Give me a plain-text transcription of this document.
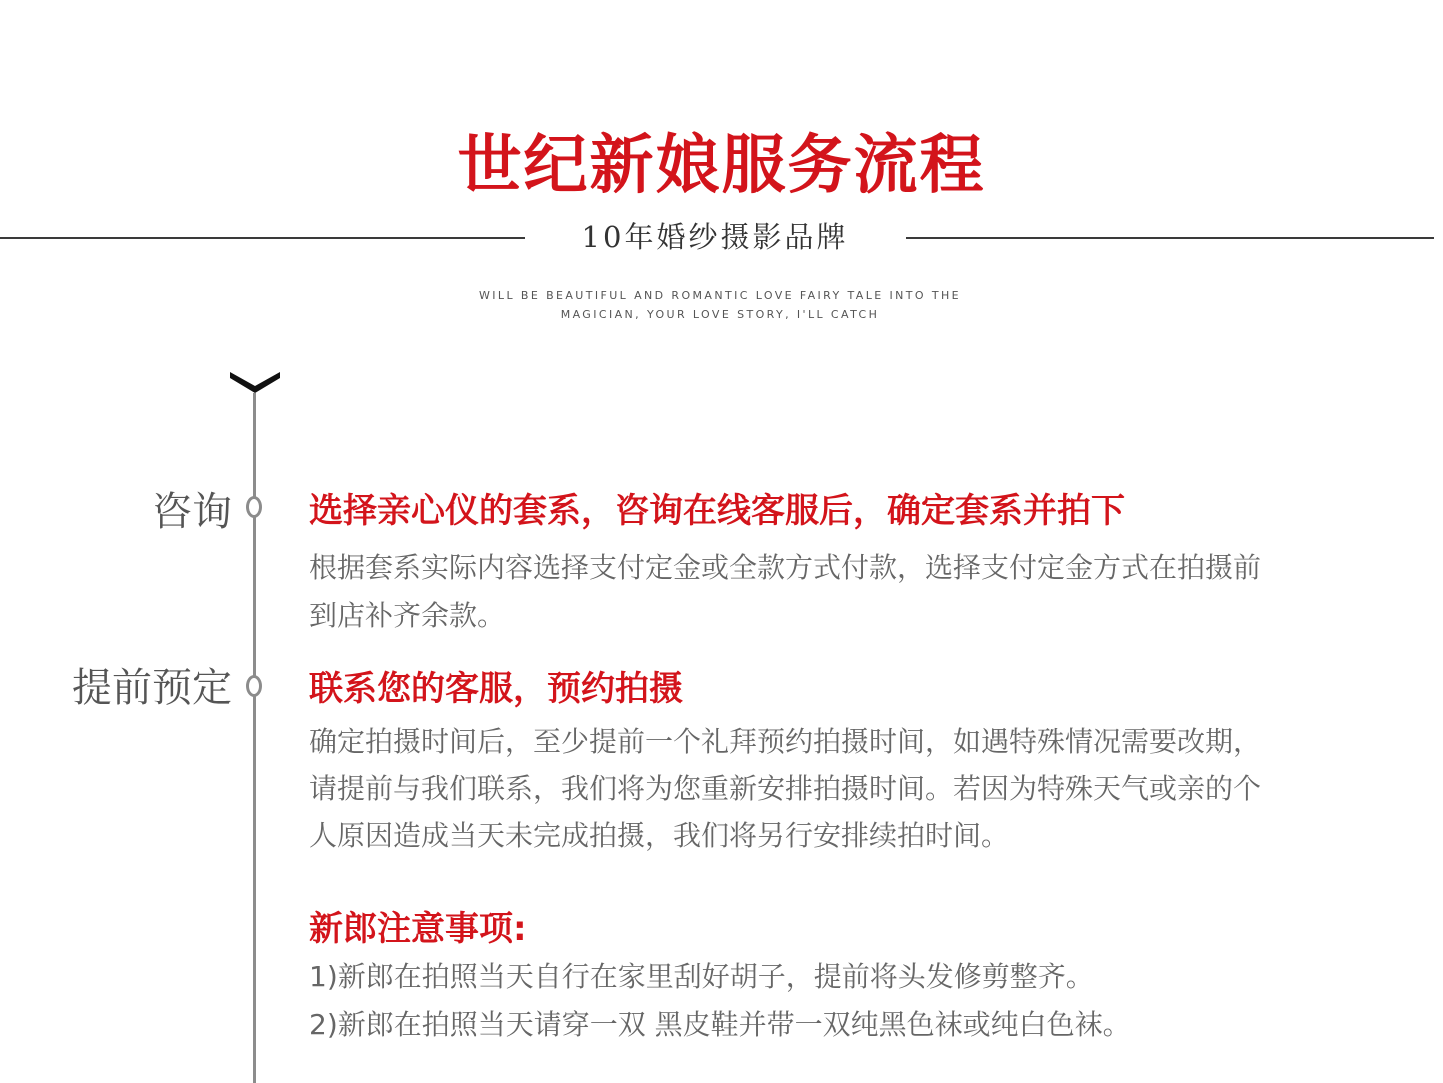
世纪新娘服务流程
10年婚纱摄影品牌
WILL BE BEAUTIFUL AND ROMANTIC LOVE FAIRY TALE INTO THE
MAGICIAN, YOUR LOVE STORY, I'LL CATCH
咨询 选择亲心仪的套系，咨询在线客服后，确定套系并拍下
根据套系实际内容选择支付定金或全款方式付款，选择支付定金方式在拍摄前
到店补齐余款。
提前预定 联系您的客服，预约拍摄
确定拍摄时间后，至少提前一个礼拜预约拍摄时间，如遇特殊情况需要改期，
请提前与我们联系，我们将为您重新安排拍摄时间。若因为特殊天气或亲的个
人原因造成当天未完成拍摄，我们将另行安排续拍时间。
新郎注意事项:
1)新郎在拍照当天自行在家里刮好胡子，提前将头发修剪整齐。
2)新郎在拍照当天请穿一双 黑皮鞋并带一双纯黑色袜或纯白色袜。
